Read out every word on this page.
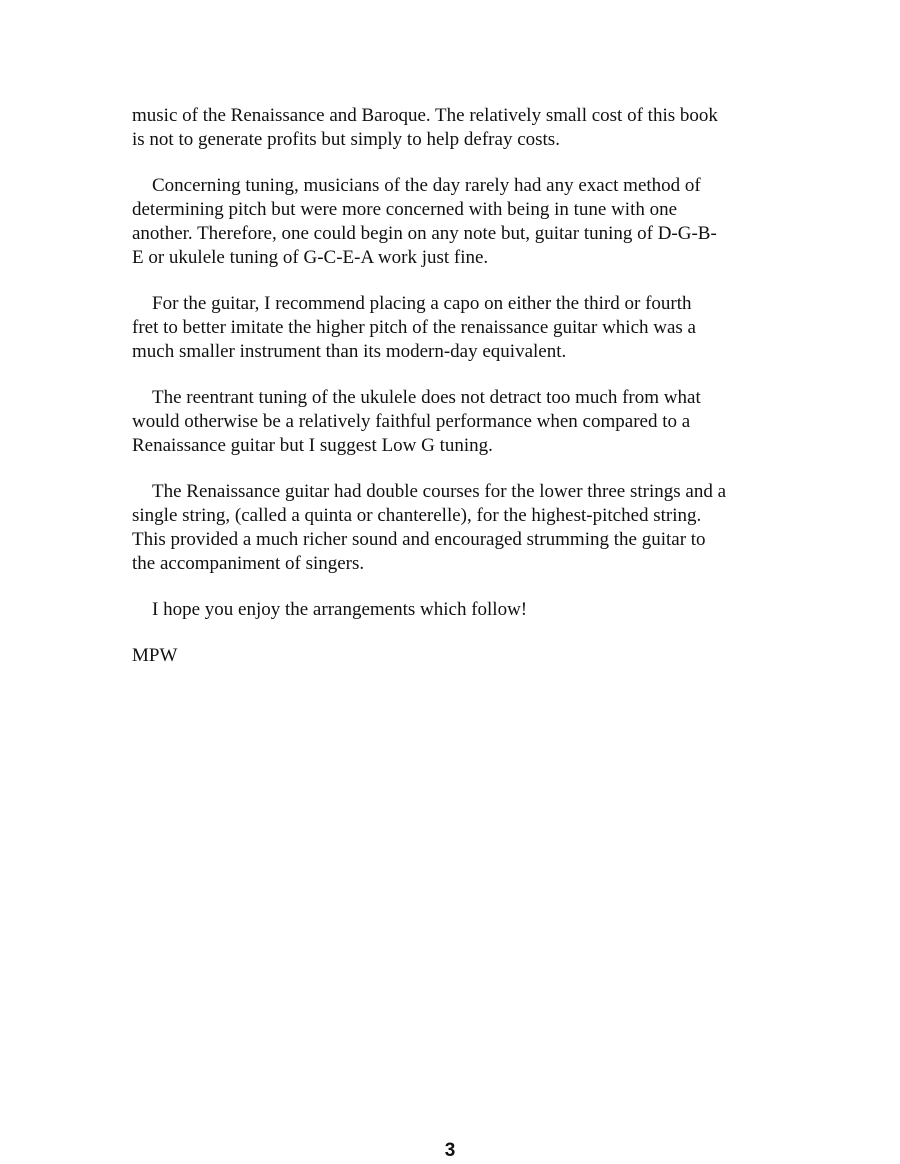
music of the Renaissance and Baroque. The relatively small cost of this book
is not to generate profits but simply to help defray costs.

Concerning tuning, musicians of the day rarely had any exact method of
determining pitch but were more concerned with being in tune with one
another. Therefore, one could begin on any note but, guitar tuning of D-G-B-
E or ukulele tuning of G-C-E-A work just fine.

For the guitar, I recommend placing a capo on either the third or fourth
fret to better imitate the higher pitch of the renaissance guitar which was a
much smaller instrument than its modern-day equivalent.

The reentrant tuning of the ukulele does not detract too much from what
would otherwise be a relatively faithful performance when compared to a
Renaissance guitar but I suggest Low G tuning.

The Renaissance guitar had double courses for the lower three strings and a
single string, (called a quinta or chanterelle), for the highest-pitched string.
This provided a much richer sound and encouraged strumming the guitar to
the accompaniment of singers.

I hope you enjoy the arrangements which follow!

MPW

3
